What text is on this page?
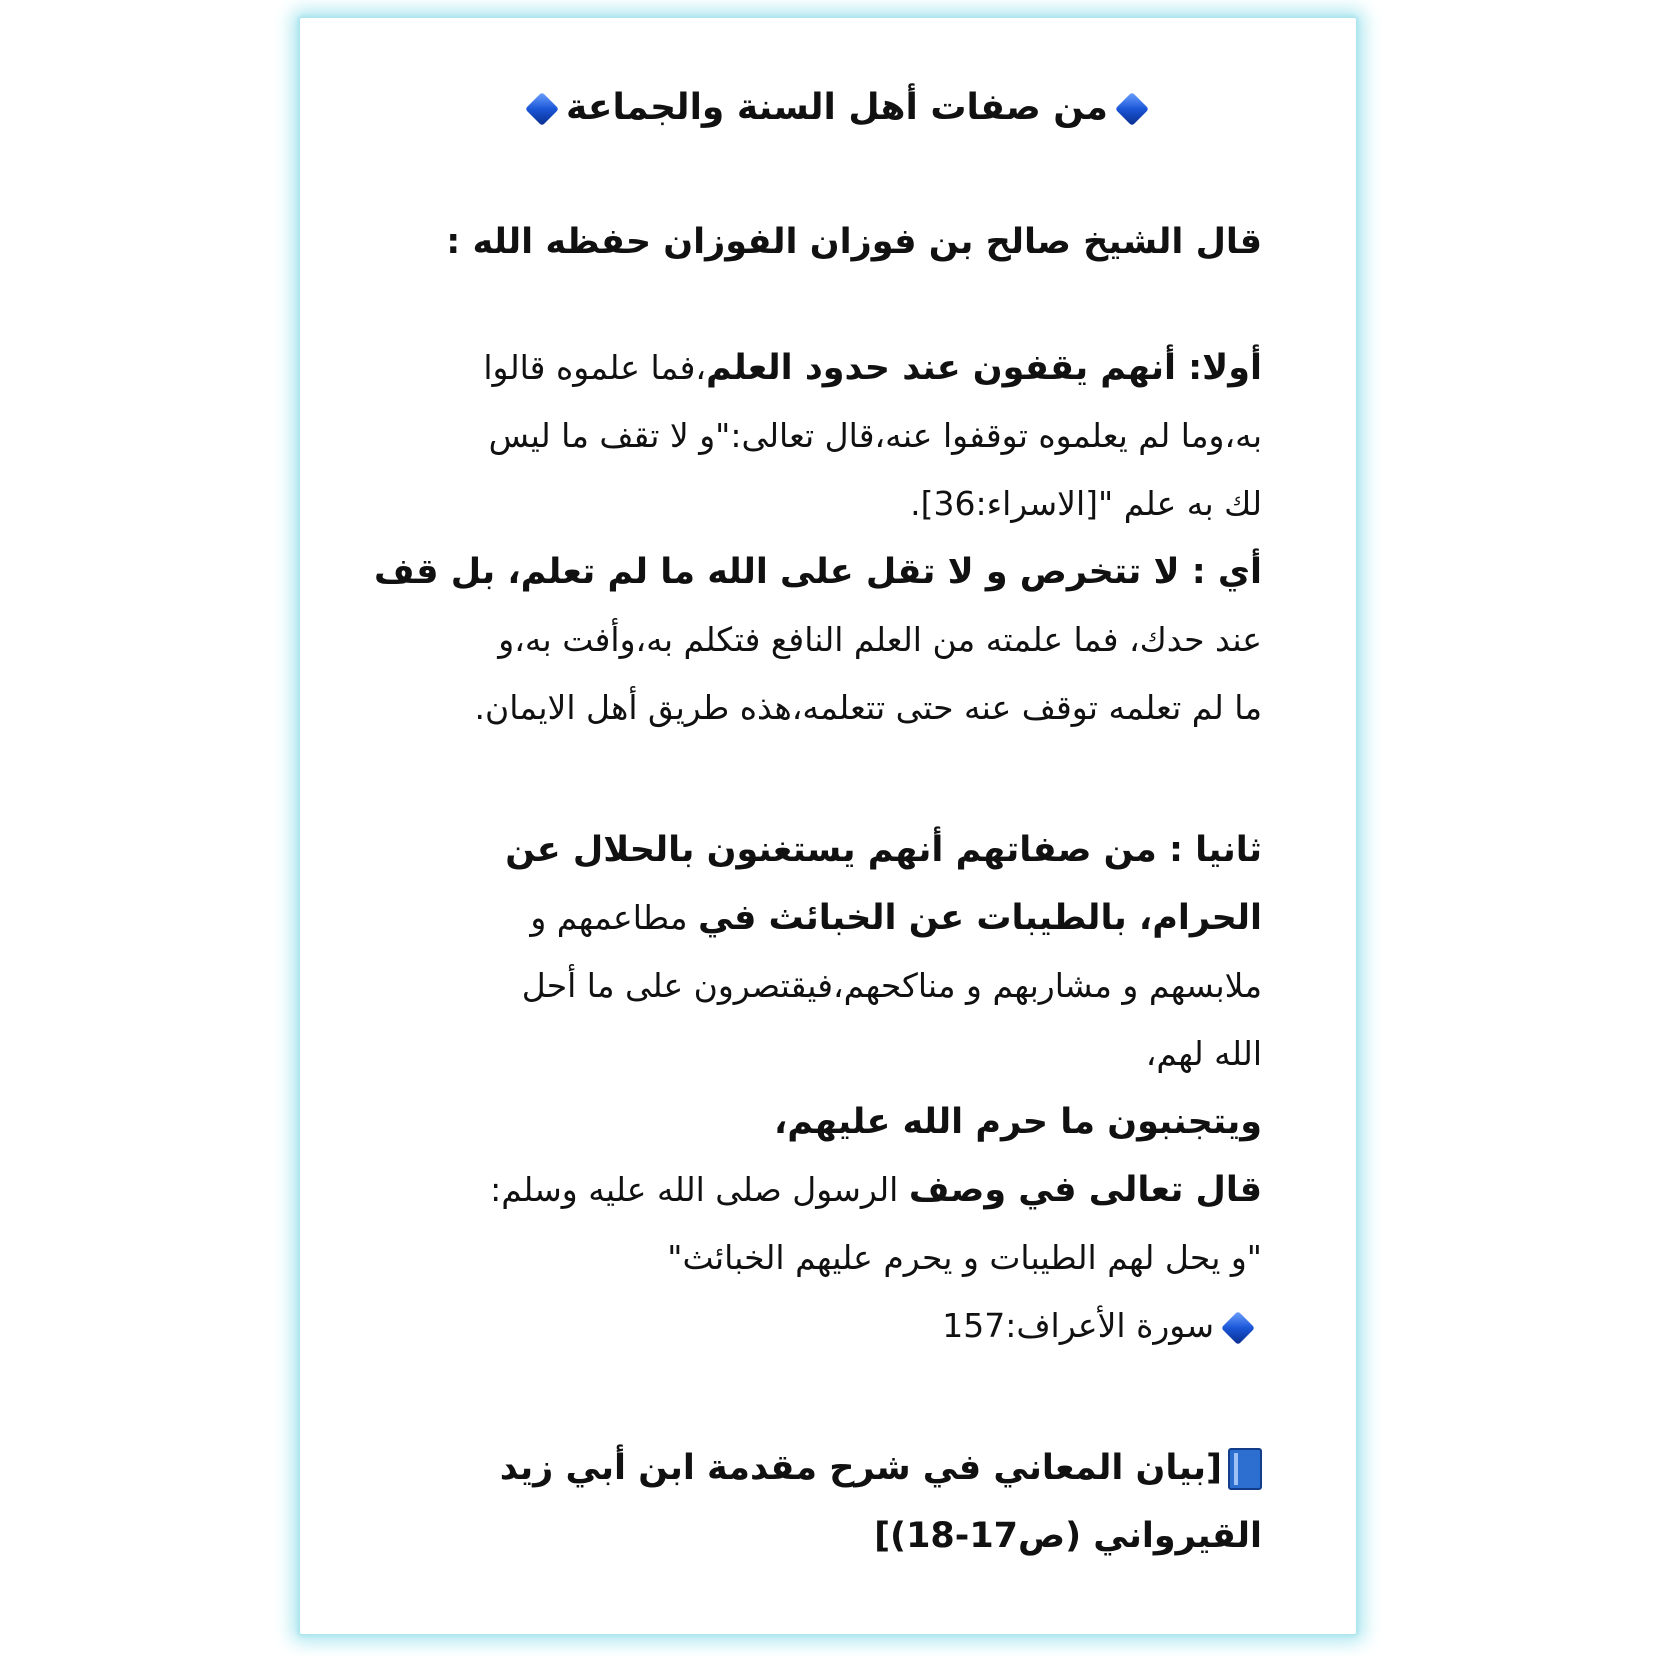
من صفات أهل السنة والجماعة
قال الشيخ صالح بن فوزان الفوزان حفظه الله :
أولا: أنهم يقفون عند حدود العلم،فما علموه قالوا
به،وما لم يعلموه توقفوا عنه،قال تعالى:"و لا تقف ما ليس
لك به علم "[الاسراء:36].
أي : لا تتخرص و لا تقل على الله ما لم تعلم، بل قف
عند حدك، فما علمته من العلم النافع فتكلم به،وأفت به،و
ما لم تعلمه توقف عنه حتى تتعلمه،هذه طريق أهل الايمان.
ثانيا : من صفاتهم أنهم يستغنون بالحلال عن
الحرام، بالطيبات عن الخبائث في مطاعمهم و
ملابسهم و مشاربهم و مناكحهم،فيقتصرون على ما أحل
الله لهم،
ويتجنبون ما حرم الله عليهم،
قال تعالى في وصف الرسول صلى الله عليه وسلم:
"و يحل لهم الطيبات و يحرم عليهم الخبائث"
سورة الأعراف:157
[بيان المعاني في شرح مقدمة ابن أبي زيد
القيرواني (ص17-18)]
